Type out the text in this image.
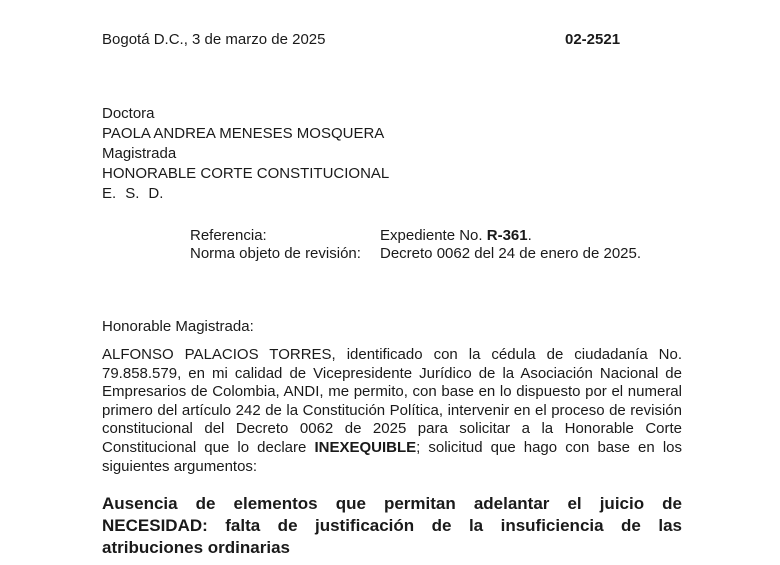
Bogotá D.C., 3 de marzo de 2025	02-2521
Doctora
PAOLA ANDREA MENESES MOSQUERA
Magistrada
HONORABLE CORTE CONSTITUCIONAL
E. S. D.
Referencia:	Expediente No. R-361.
Norma objeto de revisión: Decreto 0062 del 24 de enero de 2025.
Honorable Magistrada:
ALFONSO PALACIOS TORRES, identificado con la cédula de ciudadanía No. 79.858.579, en mi calidad de Vicepresidente Jurídico de la Asociación Nacional de Empresarios de Colombia, ANDI, me permito, con base en lo dispuesto por el numeral primero del artículo 242 de la Constitución Política, intervenir en el proceso de revisión constitucional del Decreto 0062 de 2025 para solicitar a la Honorable Corte Constitucional que lo declare INEXEQUIBLE; solicitud que hago con base en los siguientes argumentos:
Ausencia de elementos que permitan adelantar el juicio de NECESIDAD: falta de justificación de la insuficiencia de las atribuciones ordinarias
